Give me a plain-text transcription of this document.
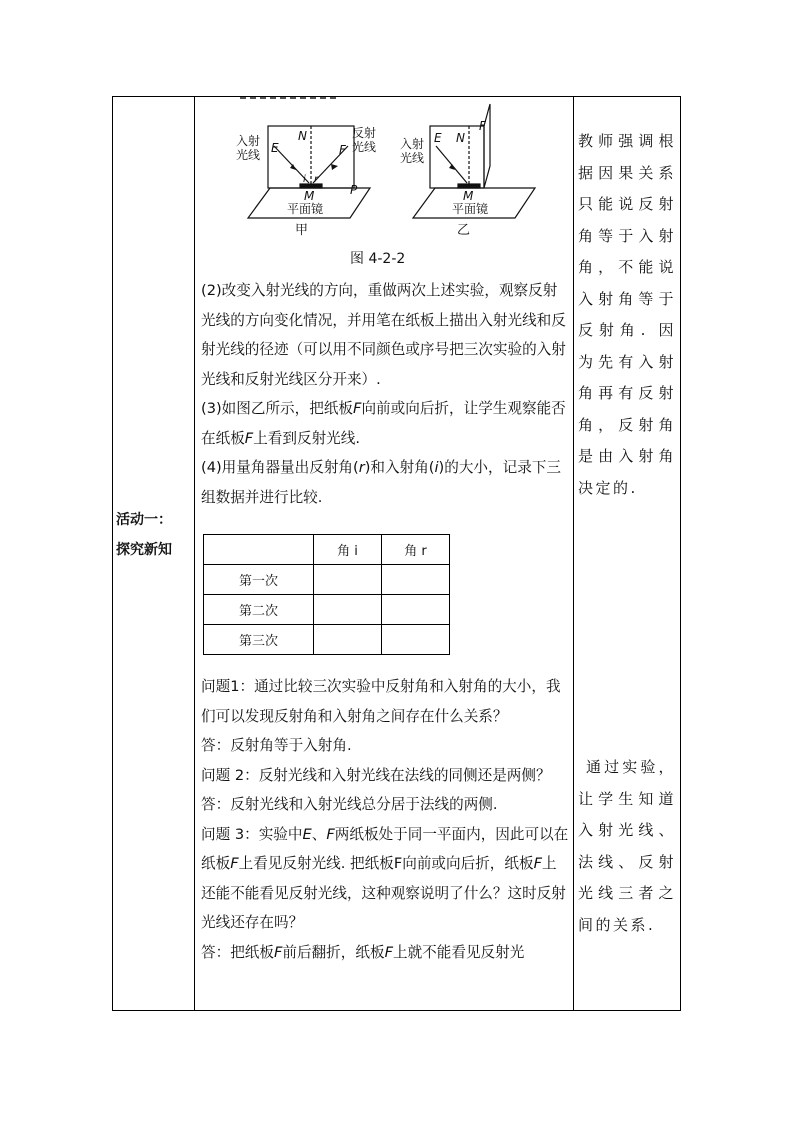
活动一：
探究新知
入射
光线
反射
光线
E
N
F
i r
M	P
平面镜
甲
入射
光线
E N
F
M
平面镜
乙
图 4-2-2

(2)改变入射光线的方向，重做两次上述实验，观察反射光线的方向变化情况，并用笔在纸板上描出入射光线和反射光线的径迹（可以用不同颜色或序号把三次实验的入射光线和反射光线区分开来）.

(3)如图乙所示，把纸板F向前或向后折，让学生观察能否在纸板F上看到反射光线.

(4)用量角器量出反射角(r)和入射角(i)的大小，记录下三组数据并进行比较.

	角 i	角 r
第一次		
第二次		
第三次		

问题1：通过比较三次实验中反射角和入射角的大小，我们可以发现反射角和入射角之间存在什么关系？

答：反射角等于入射角.

问题 2：反射光线和入射光线在法线的同侧还是两侧？

答：反射光线和入射光线总分居于法线的两侧.

问题 3：实验中E、F两纸板处于同一平面内，因此可以在纸板F上看见反射光线. 把纸板F向前或向后折，纸板F上还能不能看见反射光线，这种观察说明了什么？这时反射光线还存在吗？

答：把纸板F前后翻折，纸板F上就不能看见反射光

教师强调根据因果关系只能说反射角等于入射角，不能说入射角等于反射角. 因为先有入射角再有反射角，反射角是由入射角决定的.
通过实验，让学生知道入射光线、法线、反射光线三者之间的关系.
